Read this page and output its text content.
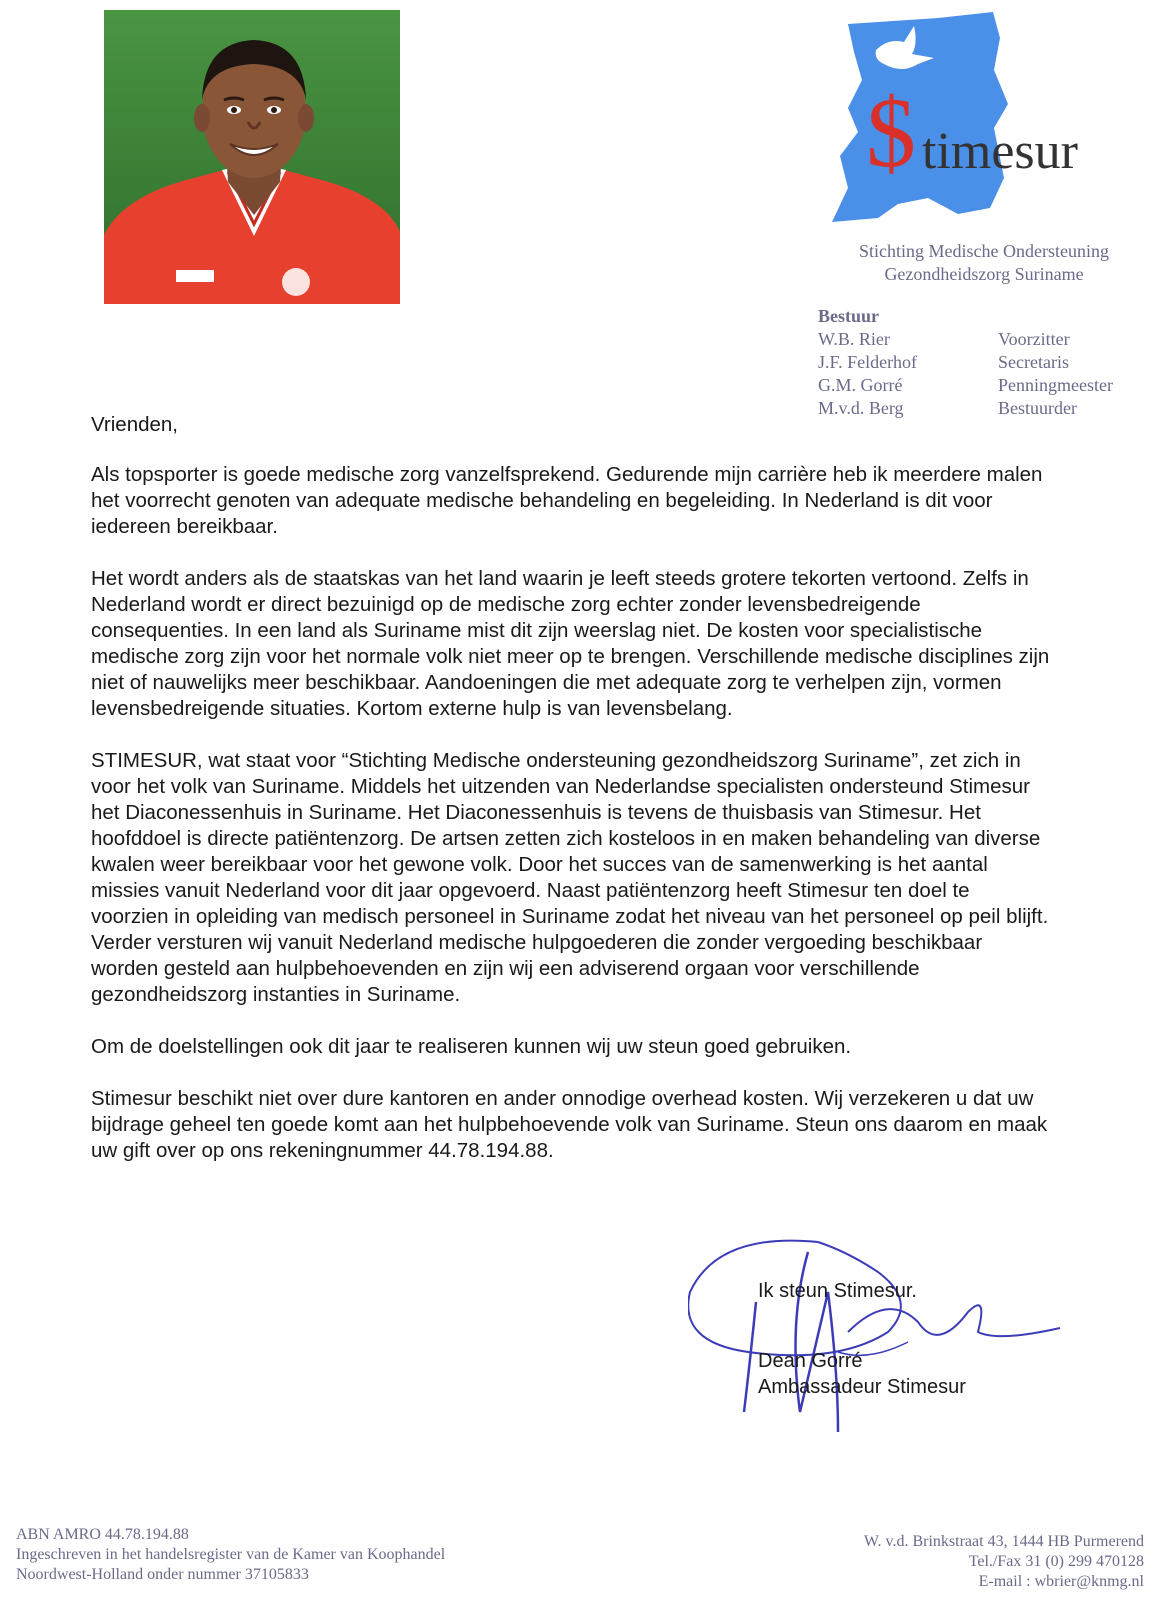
$ timesur
Stichting Medische Ondersteuning
Gezondheidszorg Suriname
Bestuur
W.B. Rier	Voorzitter
J.F. Felderhof	Secretaris
G.M. Gorré	Penningmeester
M.v.d. Berg	Bestuurder

Vrienden,

Als topsporter is goede medische zorg vanzelfsprekend. Gedurende mijn carrière heb ik meerdere malen het voorrecht genoten van adequate medische behandeling en begeleiding. In Nederland is dit voor iedereen bereikbaar.

Het wordt anders als de staatskas van het land waarin je leeft steeds grotere tekorten vertoond. Zelfs in Nederland wordt er direct bezuinigd op de medische zorg echter zonder levensbedreigende consequenties. In een land als Suriname mist dit zijn weerslag niet. De kosten voor specialistische medische zorg zijn voor het normale volk niet meer op te brengen. Verschillende medische disciplines zijn niet of nauwelijks meer beschikbaar. Aandoeningen die met adequate zorg te verhelpen zijn, vormen levensbedreigende situaties. Kortom externe hulp is van levensbelang.

STIMESUR, wat staat voor “Stichting Medische ondersteuning gezondheidszorg Suriname”, zet zich in voor het volk van Suriname. Middels het uitzenden van Nederlandse specialisten ondersteund Stimesur het Diaconessenhuis in Suriname. Het Diaconessenhuis is tevens de thuisbasis van Stimesur. Het hoofddoel is directe patiëntenzorg. De artsen zetten zich kosteloos in en maken behandeling van diverse kwalen weer bereikbaar voor het gewone volk. Door het succes van de samenwerking is het aantal missies vanuit Nederland voor dit jaar opgevoerd. Naast patiëntenzorg heeft Stimesur ten doel te voorzien in opleiding van medisch personeel in Suriname zodat het niveau van het personeel op peil blijft. Verder versturen wij vanuit Nederland medische hulpgoederen die zonder vergoeding beschikbaar worden gesteld aan hulpbehoevenden en zijn wij een adviserend orgaan voor verschillende gezondheidszorg instanties in Suriname.

Om de doelstellingen ook dit jaar te realiseren kunnen wij uw steun goed gebruiken.

Stimesur beschikt niet over dure kantoren en ander onnodige overhead kosten. Wij verzekeren u dat uw bijdrage geheel ten goede komt aan het hulpbehoevende volk van Suriname. Steun ons daarom en maak uw gift over op ons rekeningnummer 44.78.194.88.

Ik steun Stimesur.
Dean Gorré
Ambassadeur Stimesur
ABN AMRO 44.78.194.88
Ingeschreven in het handelsregister van de Kamer van Koophandel
Noordwest-Holland onder nummer 37105833
W. v.d. Brinkstraat 43, 1444 HB Purmerend
Tel./Fax 31 (0) 299 470128
E-mail : wbrier@knmg.nl
